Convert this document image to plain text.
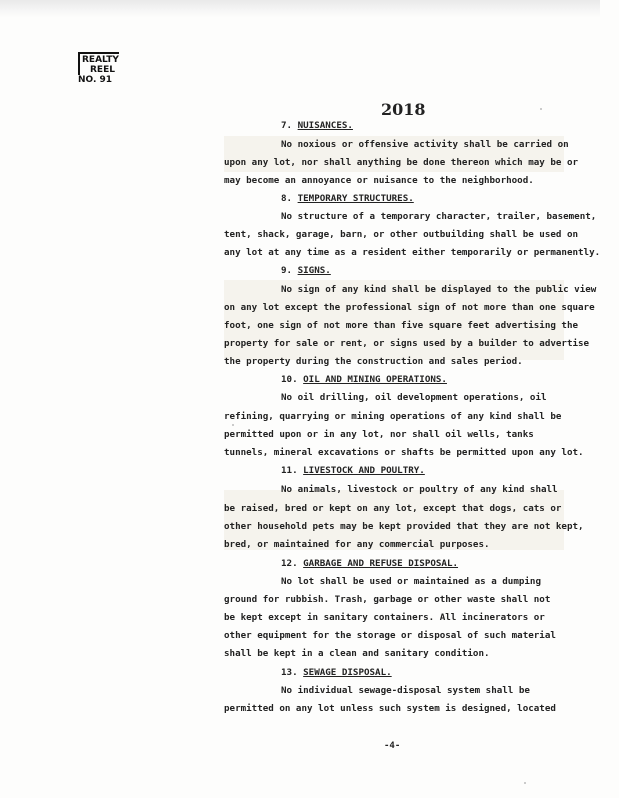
REALTY
REEL
NO. 91
2018
7. NUISANCES.
No noxious or offensive activity shall be carried on
upon any lot, nor shall anything be done thereon which may be or
may become an annoyance or nuisance to the neighborhood.
8. TEMPORARY STRUCTURES.
No structure of a temporary character, trailer, basement,
tent, shack, garage, barn, or other outbuilding shall be used on
any lot at any time as a resident either temporarily or permanently.
9. SIGNS.
No sign of any kind shall be displayed to the public view
on any lot except the professional sign of not more than one square
foot, one sign of not more than five square feet advertising the
property for sale or rent, or signs used by a builder to advertise
the property during the construction and sales period.
10. OIL AND MINING OPERATIONS.
No oil drilling, oil development operations, oil
refining, quarrying or mining operations of any kind shall be
permitted upon or in any lot, nor shall oil wells, tanks
tunnels, mineral excavations or shafts be permitted upon any lot.
11. LIVESTOCK AND POULTRY.
No animals, livestock or poultry of any kind shall
be raised, bred or kept on any lot, except that dogs, cats or
other household pets may be kept provided that they are not kept,
bred, or maintained for any commercial purposes.
12. GARBAGE AND REFUSE DISPOSAL.
No lot shall be used or maintained as a dumping
ground for rubbish. Trash, garbage or other waste shall not
be kept except in sanitary containers. All incinerators or
other equipment for the storage or disposal of such material
shall be kept in a clean and sanitary condition.
13. SEWAGE DISPOSAL.
No individual sewage-disposal system shall be
permitted on any lot unless such system is designed, located
-4-
